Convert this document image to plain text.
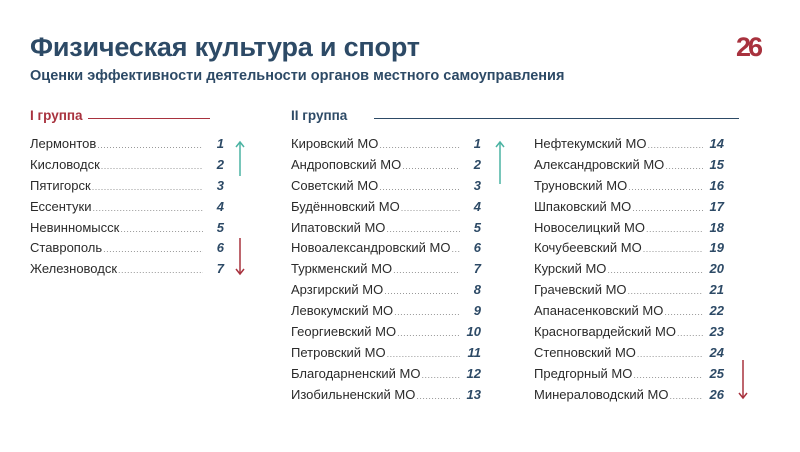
Физическая культура и спорт
Оценки эффективности деятельности органов местного самоуправления
26
I группа	II группа
Лермонтов .....	1
Кисловодск .....	2
Пятигорск .....	3
Ессентуки .....	4
Невинномысск .....	5
Ставрополь .....	6
Железноводск .....	7
Кировский МО .....	1
Андроповский МО .....	2
Советский МО .....	3
Будённовский МО .....	4
Ипатовский МО .....	5
Новоалександровский МО .....	6
Туркменский МО .....	7
Арзгирский МО .....	8
Левокумский МО .....	9
Георгиевский МО .....	10
Петровский МО .....	11
Благодарненский МО .....	12
Изобильненский МО .....	13
Нефтекумский МО .....	14
Александровский МО .....	15
Труновский МО .....	16
Шпаковский МО .....	17
Новоселицкий МО .....	18
Кочубеевский МО .....	19
Курский МО .....	20
Грачевский МО .....	21
Апанасенковский МО .....	22
Красногвардейский МО .....	23
Степновский МО .....	24
Предгорный МО .....	25
Минераловодский МО .....	26
